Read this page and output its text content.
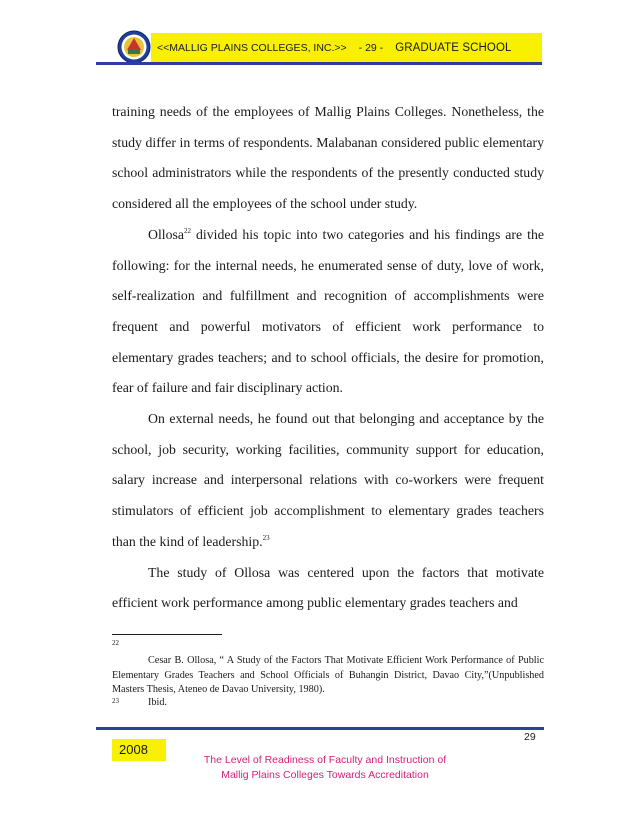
<<MALLIG PLAINS COLLEGES, INC.>> - 29 - GRADUATE SCHOOL

training needs of the employees of Mallig Plains Colleges. Nonetheless, the study differ in terms of respondents. Malabanan considered public elementary school administrators while the respondents of the presently conducted study considered all the employees of the school under study.

Ollosa$^{22}$ divided his topic into two categories and his findings are the following: for the internal needs, he enumerated sense of duty, love of work, self-realization and fulfillment and recognition of accomplishments were frequent and powerful motivators of efficient work performance to elementary grades teachers; and to school officials, the desire for promotion, fear of failure and fair disciplinary action.

On external needs, he found out that belonging and acceptance by the school, job security, working facilities, community support for education, salary increase and interpersonal relations with co-workers were frequent stimulators of efficient job accomplishment to elementary grades teachers than the kind of leadership.$^{23}$

The study of Ollosa was centered upon the factors that motivate efficient work performance among public elementary grades teachers and

22

Cesar B. Ollosa, “ A Study of the Factors That Motivate Efficient Work Performance of Public Elementary Grades Teachers and School Officials of Buhangin District, Davao City,”(Unpublished Masters Thesis, Ateneo de Davao University, 1980).

23	Ibid.
29
2008
The Level of Readiness of Faculty and Instruction of
Mallig Plains Colleges Towards Accreditation
